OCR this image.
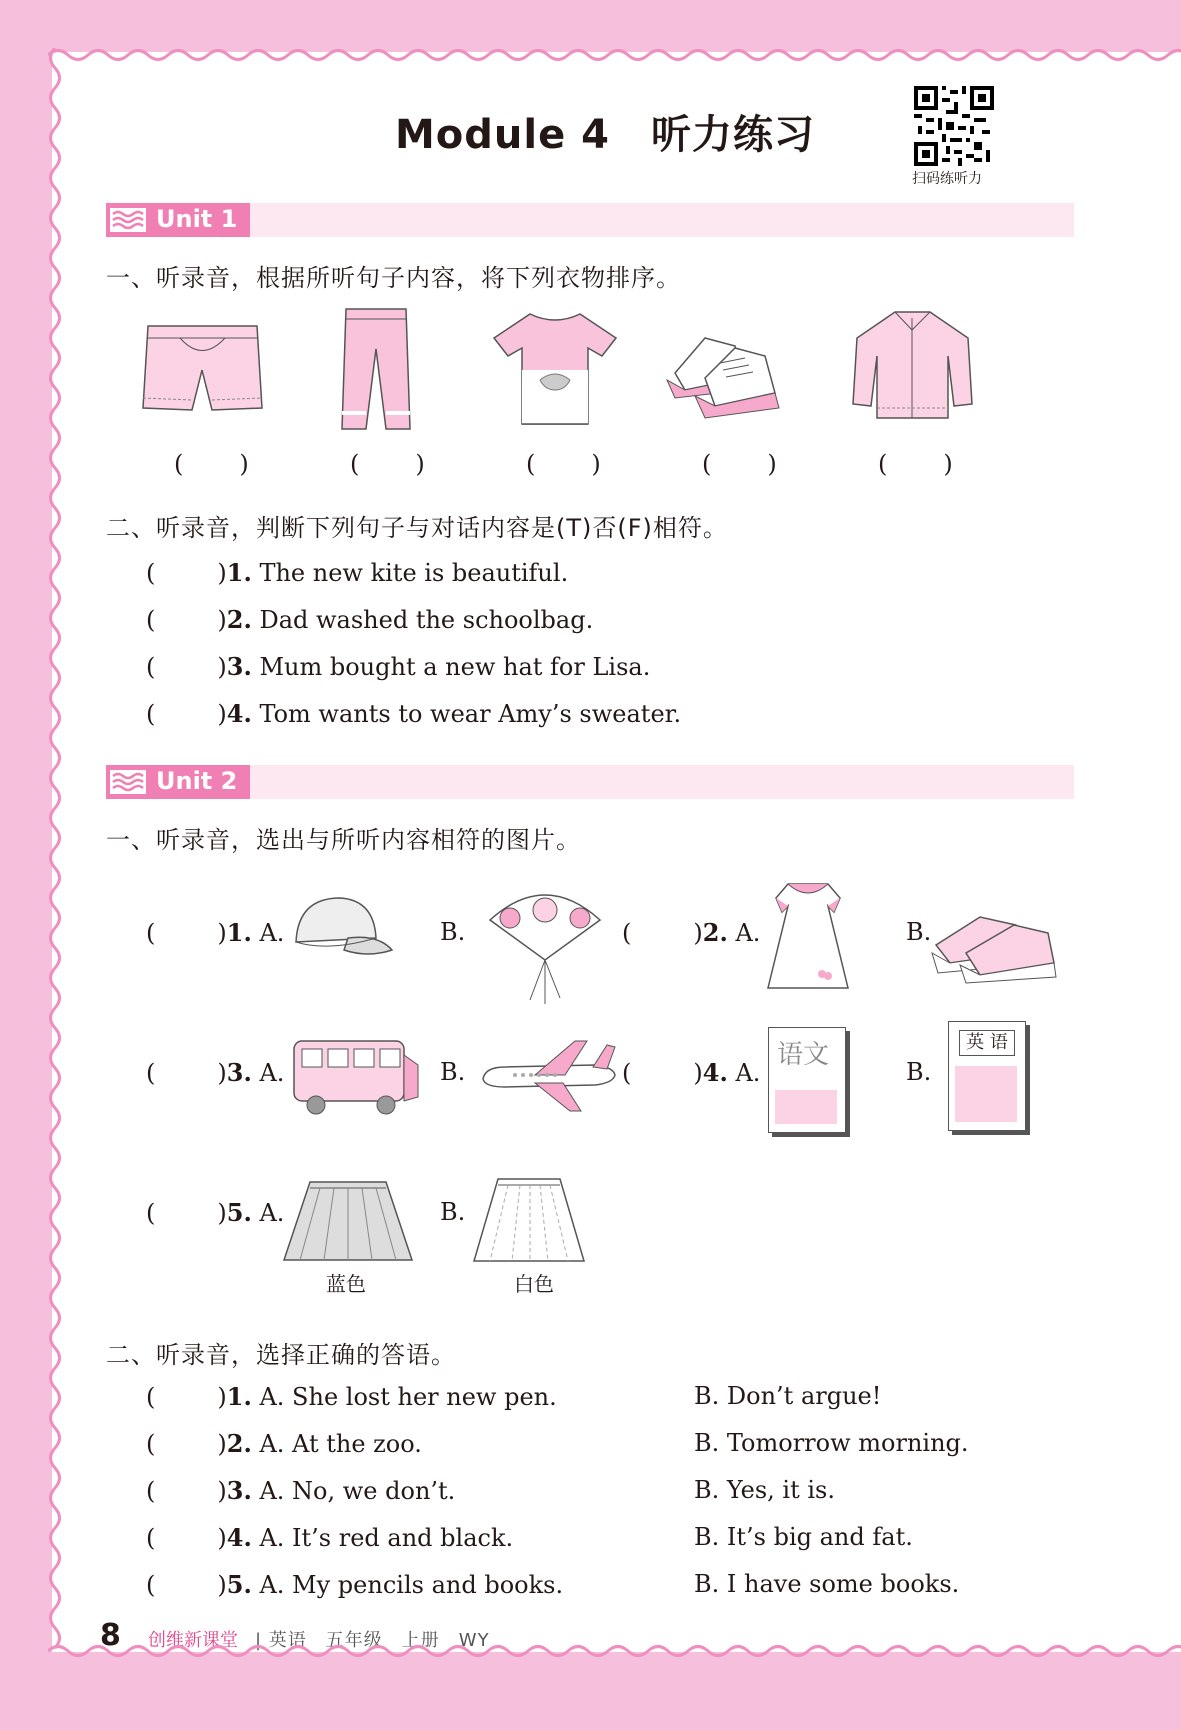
Module 4　听力练习
扫码练听力
Unit 1
一、听录音，根据所听句子内容，将下列衣物排序。
( )	( )	( )	( )	( )
二、听录音，判断下列句子与对话内容是(T)否(F)相符。
(	)1. The new kite is beautiful.
(	)2. Dad washed the schoolbag.
(	)3. Mum bought a new hat for Lisa.
(	)4. Tom wants to wear Amy’s sweater.
Unit 2
一、听录音，选出与所听内容相符的图片。
(	)1. A.	B.	(	)2. A.	B.
(	)3. A.	B.	(	)4. A.
语文
B.
英 语
(	)5. A.
蓝色
B.
白色
二、听录音，选择正确的答语。
(	)1. A. She lost her new pen.	B. Don’t argue!
(	)2. A. At the zoo.	B. Tomorrow morning.
(	)3. A. No, we don’t.	B. Yes, it is.
(	)4. A. It’s red and black.	B. It’s big and fat.
(	)5. A. My pencils and books.	B. I have some books.
8 创维新课堂 | 英语　五年级　上册　WY
